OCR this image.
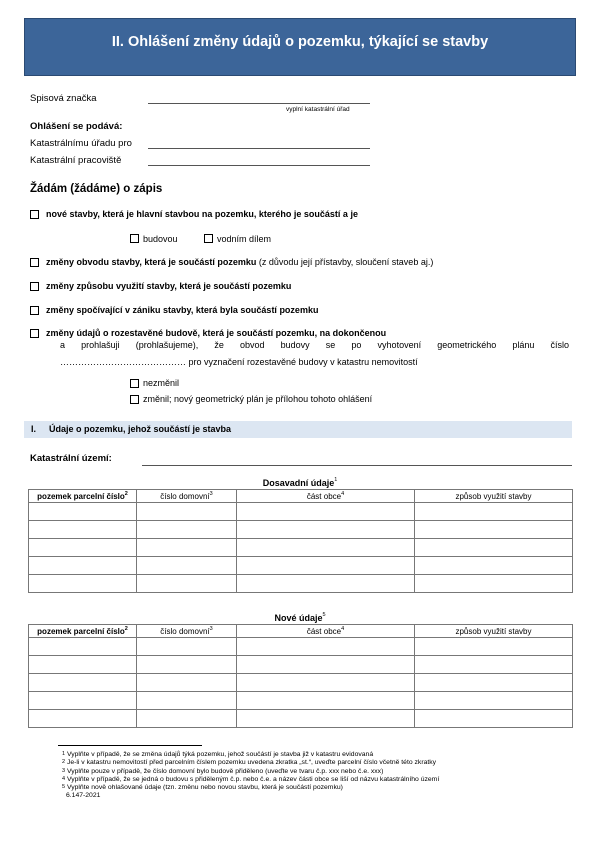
II. Ohlášení změny údajů o pozemku, týkající se stavby
Spisová značka
vyplní katastrální úřad
Ohlášení se podává:
Katastrálnímu úřadu pro
Katastrální pracoviště
Žádám (žádáme) o zápis
nové stavby, která je hlavní stavbou na pozemku, kterého je součástí a je
budovou	vodním dílem
změny obvodu stavby, která je součástí pozemku (z důvodu její přístavby, sloučení staveb aj.)
změny způsobu využití stavby, která je součástí pozemku
změny spočívající v zániku stavby, která byla součástí pozemku
změny údajů o rozestavěné budově, která je součástí pozemku, na dokončenou
a prohlašuji (prohlašujeme), že obvod budovy se po vyhotovení geometrického plánu číslo
…………………………………… pro vyznačení rozestavěné budovy v katastru nemovitostí
nezměnil
změnil; nový geometrický plán je přílohou tohoto ohlášení
I. Údaje o pozemku, jehož součástí je stavba
Katastrální území:
Dosavadní údaje$^1$
pozemek parcelní číslo$^2$	číslo domovní$^3$	část obce$^4$	způsob využití stavby

Nové údaje$^5$
pozemek parcelní číslo$^2$	číslo domovní$^3$	část obce$^4$	způsob využití stavby

$^1$ Vyplňte v případě, že se změna údajů týká pozemku, jehož součástí je stavba již v katastru evidovaná
$^2$ Je-li v katastru nemovitostí před parcelním číslem pozemku uvedena zkratka „st.“, uveďte parcelní číslo včetně této zkratky
$^3$ Vyplňte pouze v případě, že číslo domovní bylo budově přiděleno (uveďte ve tvaru č.p. xxx nebo č.e. xxx)
$^4$ Vyplňte v případě, že se jedná o budovu s přiděleným č.p. nebo č.e. a název části obce se liší od názvu katastrálního území
$^5$ Vyplňte nově ohlašované údaje (tzn. změnu nebo novou stavbu, která je součástí pozemku)
6.147-2021
